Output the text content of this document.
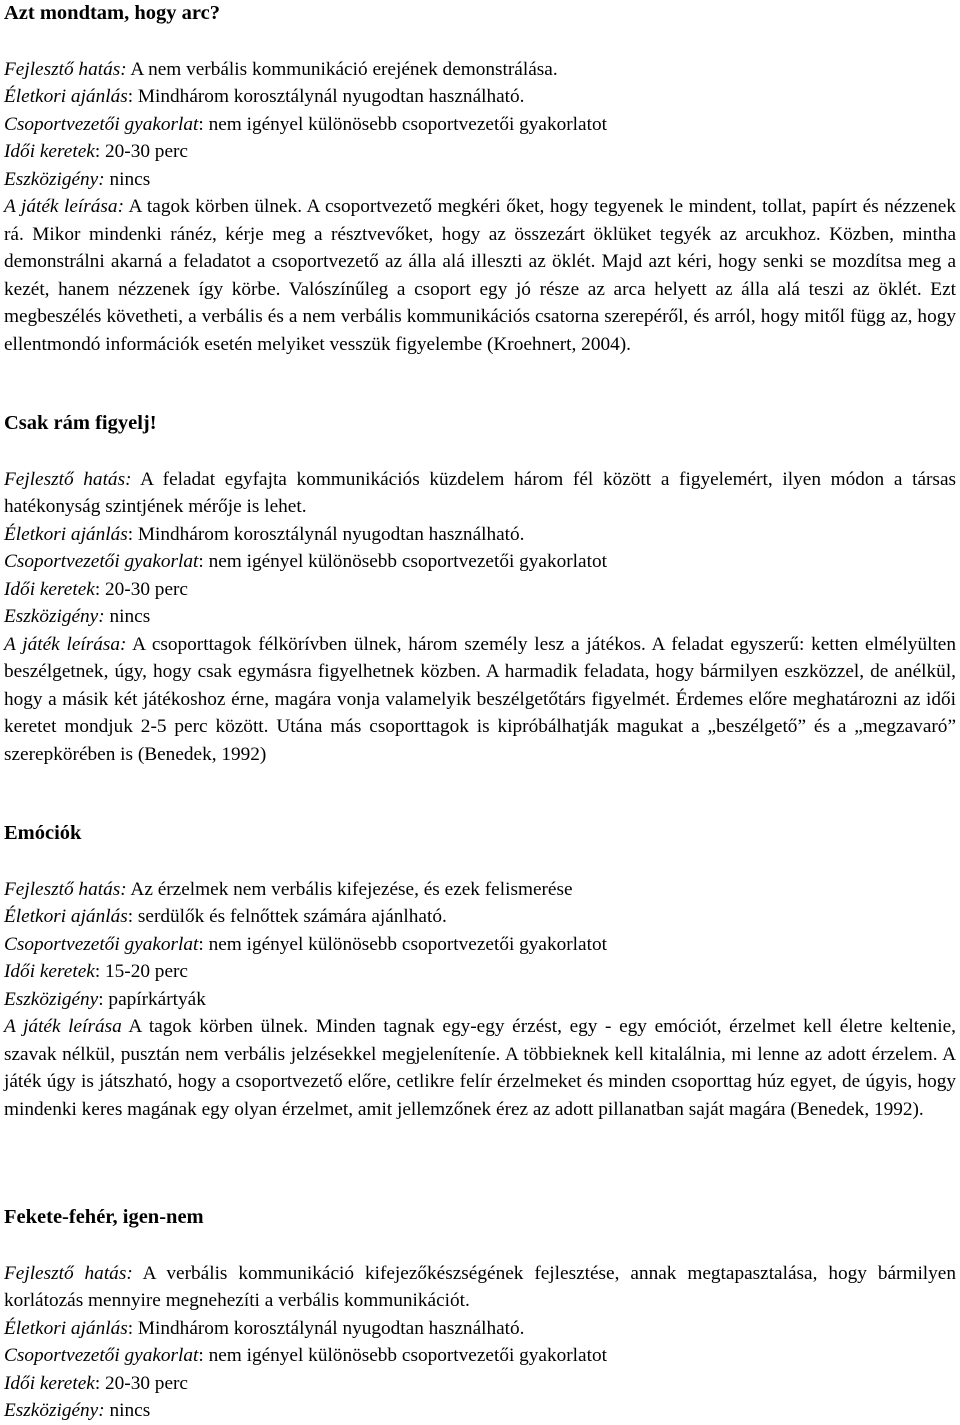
Azt mondtam, hogy arc?

Fejlesztő hatás: A nem verbális kommunikáció erejének demonstrálása.

Életkori ajánlás: Mindhárom korosztálynál nyugodtan használható.

Csoportvezetői gyakorlat: nem igényel különösebb csoportvezetői gyakorlatot

Idői keretek: 20-30 perc

Eszközigény: nincs

A játék leírása: A tagok körben ülnek. A csoportvezető megkéri őket, hogy tegyenek le mindent, tollat, papírt és nézzenek rá. Mikor mindenki ránéz, kérje meg a résztvevőket, hogy az összezárt öklüket tegyék az arcukhoz. Közben, mintha demonstrálni akarná a feladatot a csoportvezető az álla alá illeszti az öklét. Majd azt kéri, hogy senki se mozdítsa meg a kezét, hanem nézzenek így körbe. Valószínűleg a csoport egy jó része az arca helyett az álla alá teszi az öklét. Ezt megbeszélés követheti, a verbális és a nem verbális kommunikációs csatorna szerepéről, és arról, hogy mitől függ az, hogy ellentmondó információk esetén melyiket vesszük figyelembe (Kroehnert, 2004).

Csak rám figyelj!

Fejlesztő hatás: A feladat egyfajta kommunikációs küzdelem három fél között a figyelemért, ilyen módon a társas hatékonyság szintjének mérője is lehet.

Életkori ajánlás: Mindhárom korosztálynál nyugodtan használható.

Csoportvezetői gyakorlat: nem igényel különösebb csoportvezetői gyakorlatot

Idői keretek: 20-30 perc

Eszközigény: nincs

A játék leírása: A csoporttagok félkörívben ülnek, három személy lesz a játékos. A feladat egyszerű: ketten elmélyülten beszélgetnek, úgy, hogy csak egymásra figyelhetnek közben. A harmadik feladata, hogy bármilyen eszközzel, de anélkül, hogy a másik két játékoshoz érne, magára vonja valamelyik beszélgetőtárs figyelmét. Érdemes előre meghatározni az idői keretet mondjuk 2-5 perc között. Utána más csoporttagok is kipróbálhatják magukat a „beszélgető” és a „megzavaró” szerepkörében is (Benedek, 1992)

Emóciók

Fejlesztő hatás: Az érzelmek nem verbális kifejezése, és ezek felismerése

Életkori ajánlás: serdülők és felnőttek számára ajánlható.

Csoportvezetői gyakorlat: nem igényel különösebb csoportvezetői gyakorlatot

Idői keretek: 15-20 perc

Eszközigény: papírkártyák

A játék leírása A tagok körben ülnek. Minden tagnak egy-egy érzést, egy - egy emóciót, érzelmet kell életre keltenie, szavak nélkül, pusztán nem verbális jelzésekkel megjeleníteníe. A többieknek kell kitalálnia, mi lenne az adott érzelem. A játék úgy is játszható, hogy a csoportvezető előre, cetlikre felír érzelmeket és minden csoporttag húz egyet, de úgyis, hogy mindenki keres magának egy olyan érzelmet, amit jellemzőnek érez az adott pillanatban saját magára (Benedek, 1992).

Fekete-fehér, igen-nem

Fejlesztő hatás: A verbális kommunikáció kifejezőkészségének fejlesztése, annak megtapasztalása, hogy bármilyen korlátozás mennyire megnehezíti a verbális kommunikációt.

Életkori ajánlás: Mindhárom korosztálynál nyugodtan használható.

Csoportvezetői gyakorlat: nem igényel különösebb csoportvezetői gyakorlatot

Idői keretek: 20-30 perc

Eszközigény: nincs
